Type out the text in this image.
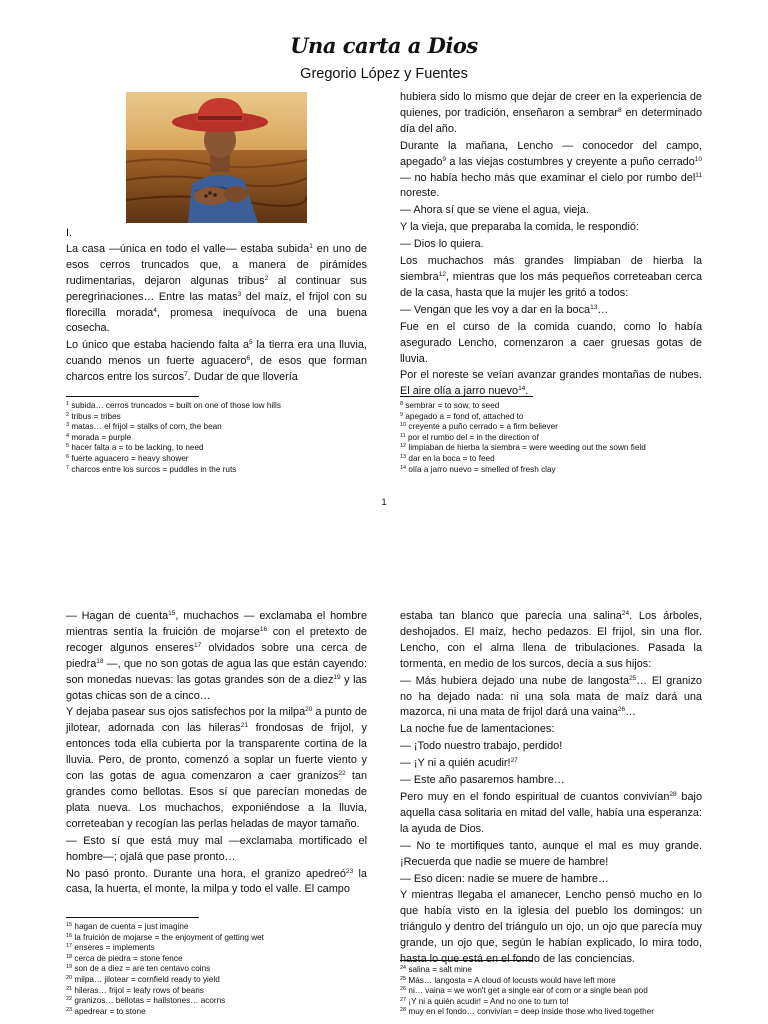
Una carta a Dios
Gregorio López y Fuentes

I.

La casa —única en todo el valle— estaba subida$^1$ en uno de esos cerros truncados que, a manera de pirámides rudimentarias, dejaron algunas tribus$^2$ al continuar sus peregrinaciones… Entre las matas$^3$ del maíz, el frijol con su florecilla morada$^4$, promesa inequívoca de una buena cosecha.

Lo único que estaba haciendo falta $a^5$ la tierra era una lluvia, cuando menos un fuerte aguacero$^6$, de esos que forman charcos entre los surcos$^7$. Dudar de que llovería

hubiera sido lo mismo que dejar de creer en la experiencia de quienes, por tradición, enseñaron a sembrar$^8$ en determinado día del año.

Durante la mañana, Lencho — conocedor del campo, apegado$^9$ a las viejas costumbres y creyente a puño cerrado$^{10}$ — no había hecho más que examinar el cielo por rumbo del$^{11}$ noreste.

— Ahora sí que se viene el agua, vieja.

Y la vieja, que preparaba la comida, le respondió:

— Dios lo quiera.

Los muchachos más grandes limpiaban de hierba la siembra$^{12}$, mientras que los más pequeños correteaban cerca de la casa, hasta que la mujer les gritó a todos:

— Vengan que les voy a dar en la boca$^{13}$…

Fue en el curso de la comida cuando, como lo había asegurado Lencho, comenzaron a caer gruesas gotas de lluvia.

Por el noreste se veían avanzar grandes montañas de nubes. El aire olía a jarro nuevo$^{14}$.

$^1$ subida… cerros truncados = built on one of those low hills
$^2$ tribus = tribes
$^3$ matas… el frijol = stalks of corn, the bean
$^4$ morada = purple
$^5$ hacer falta a = to be lacking, to need
$^6$ fuerte aguacero = heavy shower
$^7$ charcos entre los surcos = puddles in the ruts
$^8$ sembrar = to sow, to seed
$^9$ apegado a = fond of, attached to
$^{10}$ creyente a puño cerrado = a firm believer
$^{11}$ por el rumbo del = in the direction of
$^{12}$ limpiaban de hierba la siembra = were weeding out the sown field
$^{13}$ dar en la boca = to feed
$^{14}$ olía a jarro nuevo = smelled of fresh clay
1

— Hagan de cuenta$^{15}$, muchachos — exclamaba el hombre mientras sentía la fruición de mojarse$^{16}$ con el pretexto de recoger algunos enseres$^{17}$ olvidados sobre una cerca de piedra$^{18}$ —, que no son gotas de agua las que están cayendo: son monedas nuevas: las gotas grandes son de a diez$^{19}$ y las gotas chicas son de a cinco…

Y dejaba pasear sus ojos satisfechos por la milpa$^{20}$ a punto de jilotear, adornada con las hileras$^{21}$ frondosas de frijol, y entonces toda ella cubierta por la transparente cortina de la lluvia. Pero, de pronto, comenzó a soplar un fuerte viento y con las gotas de agua comenzaron a caer granizos$^{22}$ tan grandes como bellotas. Esos sí que parecían monedas de plata nueva. Los muchachos, exponiéndose a la lluvia, correteaban y recogían las perlas heladas de mayor tamaño.

— Esto sí que está muy mal —exclamaba mortificado el hombre—; ojalá que pase pronto…

No pasó pronto. Durante una hora, el granizo apedreó$^{23}$ la casa, la huerta, el monte, la milpa y todo el valle. El campo

estaba tan blanco que parecía una salina$^{24}$. Los árboles, deshojados. El maíz, hecho pedazos. El frijol, sin una flor. Lencho, con el alma llena de tribulaciones. Pasada la tormenta, en medio de los surcos, decía a sus hijos:

— Más hubiera dejado una nube de langosta$^{25}$… El granizo no ha dejado nada: ni una sola mata de maíz dará una mazorca, ni una mata de frijol dará una vaina$^{26}$…

La noche fue de lamentaciones:

— ¡Todo nuestro trabajo, perdido!

— ¡Y ni a quién acudir!$^{27}$

— Este año pasaremos hambre…

Pero muy en el fondo espiritual de cuantos convivían$^{28}$ bajo aquella casa solitaria en mitad del valle, había una esperanza: la ayuda de Dios.

— No te mortifiques tanto, aunque el mal es muy grande. ¡Recuerda que nadie se muere de hambre!

— Eso dicen: nadie se muere de hambre…

Y mientras llegaba el amanecer, Lencho pensó mucho en lo que había visto en la iglesia del pueblo los domingos: un triángulo y dentro del triángulo un ojo, un ojo que parecía muy grande, un ojo que, según le habían explicado, lo mira todo, hasta lo que está en el fondo de las conciencias.

$^{15}$ hagan de cuenta = just imagine
$^{16}$ la fruición de mojarse = the enjoyment of getting wet
$^{17}$ enseres = implements
$^{18}$ cerca de piedra = stone fence
$^{19}$ son de a diez = are ten centavo coins
$^{20}$ milpa… jilotear = cornfield ready to yield
$^{21}$ hileras… frijol = leafy rows of beans
$^{22}$ granizos… bellotas = hailstones… acorns
$^{23}$ apedrear = to stone
$^{24}$ salina = salt mine
$^{25}$ Más… langosta = A cloud of locusts would have left more
$^{26}$ ni… vaina = we won't get a single ear of corn or a single bean pod
$^{27}$ ¡Y ni a quién acudir! = And no one to turn to!
$^{28}$ muy en el fondo… convivían = deep inside those who lived together
